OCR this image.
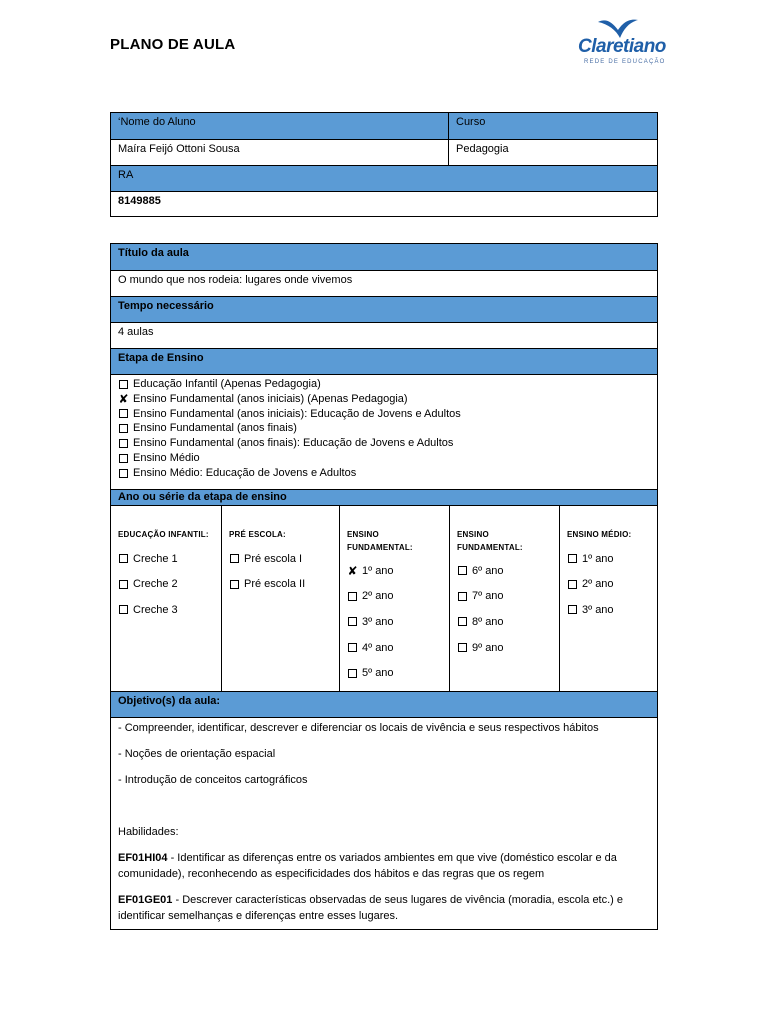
PLANO DE AULA	Claretiano
REDE DE EDUCAÇÃO
‘Nome do Aluno	Curso
Maíra Feijó Ottoni Sousa	Pedagogia
RA
8149885
Título da aula
O mundo que nos rodeia: lugares onde vivemos
Tempo necessário
4 aulas
Etapa de Ensino
Educação Infantil (Apenas Pedagogia)
✘ Ensino Fundamental (anos iniciais) (Apenas Pedagogia)
Ensino Fundamental (anos iniciais): Educação de Jovens e Adultos
Ensino Fundamental (anos finais)
Ensino Fundamental (anos finais): Educação de Jovens e Adultos
Ensino Médio
Ensino Médio: Educação de Jovens e Adultos
Ano ou série da etapa de ensino
EDUCAÇÃO INFANTIL:
Creche 1
Creche 2
Creche 3
PRÉ ESCOLA:
Pré escola I
Pré escola II
ENSINO FUNDAMENTAL:
✘ 1º ano
2º ano
3º ano
4º ano
5º ano
ENSINO FUNDAMENTAL:
6º ano
7º ano
8º ano
9º ano
ENSINO MÉDIO:
1º ano
2º ano
3º ano
Objetivo(s) da aula:
- Compreender, identificar, descrever e diferenciar os locais de vivência e seus respectivos hábitos
- Noções de orientação espacial
- Introdução de conceitos cartográficos
Habilidades:
EF01HI04 - Identificar as diferenças entre os variados ambientes em que vive (doméstico escolar e da comunidade), reconhecendo as especificidades dos hábitos e das regras que os regem
EF01GE01 - Descrever características observadas de seus lugares de vivência (moradia, escola etc.) e identificar semelhanças e diferenças entre esses lugares.
